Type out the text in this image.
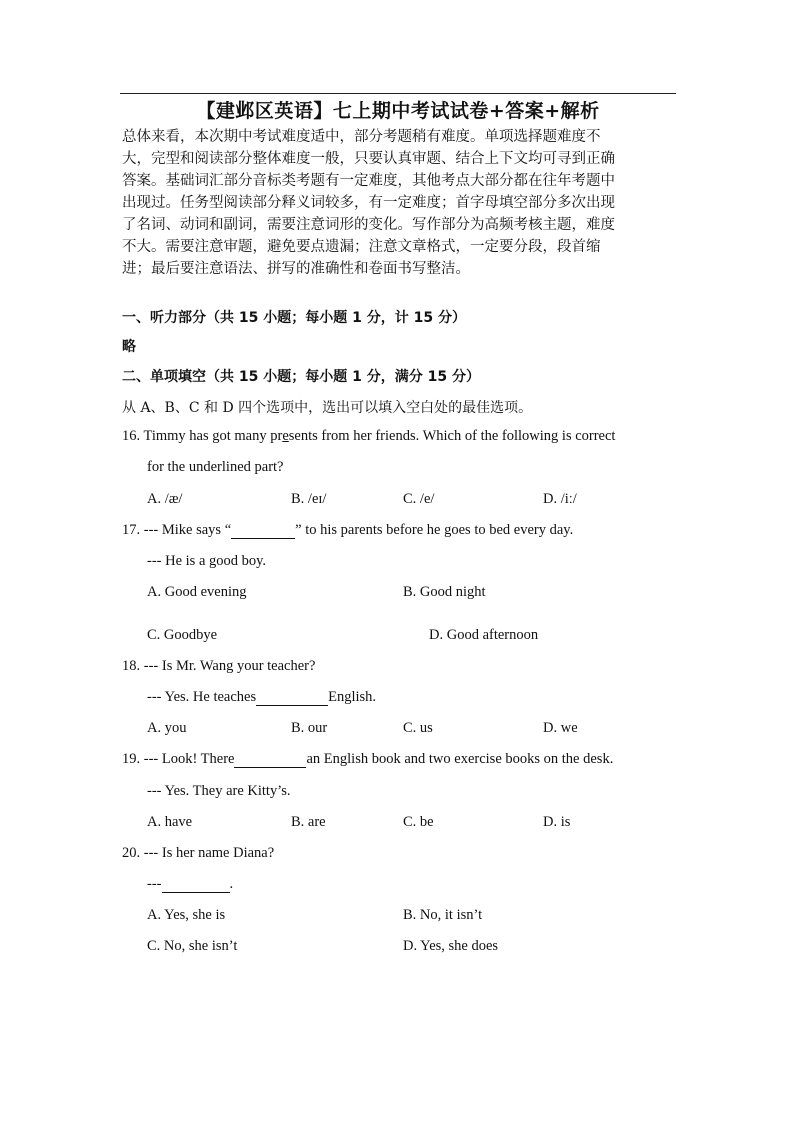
【建邺区英语】七上期中考试试卷+答案+解析
总体来看，本次期中考试难度适中，部分考题稍有难度。单项选择题难度不
大，完型和阅读部分整体难度一般，只要认真审题、结合上下文均可寻到正确
答案。基础词汇部分音标类考题有一定难度，其他考点大部分都在往年考题中
出现过。任务型阅读部分释义词较多，有一定难度；首字母填空部分多次出现
了名词、动词和副词，需要注意词形的变化。写作部分为高频考核主题，难度
不大。需要注意审题，避免要点遗漏；注意文章格式，一定要分段，段首缩
进；最后要注意语法、拼写的准确性和卷面书写整洁。
一、听力部分（共 15 小题；每小题 1 分，计 15 分）
略
二、单项填空（共 15 小题；每小题 1 分，满分 15 分）
从 A、B、C 和 D 四个选项中，选出可以填入空白处的最佳选项。
16. Timmy has got many presents from her friends. Which of the following is correct
for the underlined part?
A. /æ/	B. /eɪ/	C. /e/	D. /iː/
17. --- Mike says “	” to his parents before he goes to bed every day.
--- He is a good boy.
A. Good evening	B. Good night
C. Goodbye	D. Good afternoon
18. --- Is Mr. Wang your teacher?
--- Yes. He teaches	English.
A. you	B. our	C. us	D. we
19. --- Look! There	an English book and two exercise books on the desk.
--- Yes. They are Kitty’s.
A. have	B. are	C. be	D. is
20. --- Is her name Diana?
---	.
A. Yes, she is	B. No, it isn’t
C. No, she isn’t	D. Yes, she does
